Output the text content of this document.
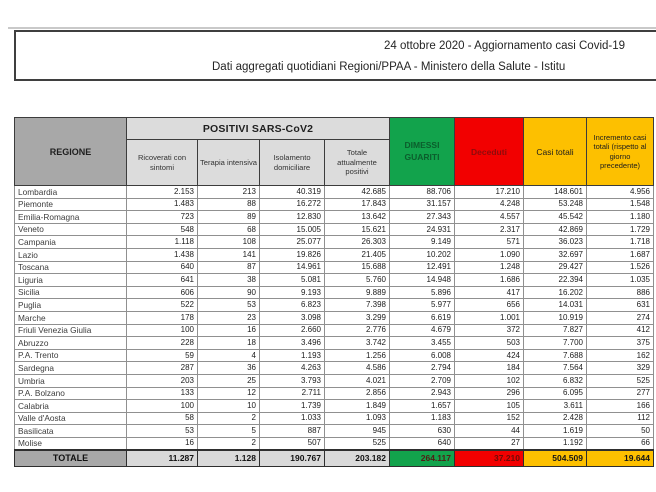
24 ottobre 2020 - Aggiornamento casi Covid-19
Dati aggregati quotidiani Regioni/PPAA - Ministero della Salute - Istitu
REGIONE	POSITIVI SARS-CoV2				DIMESSI GUARITI	Deceduti	Casi totali	Incremento casi totali (rispetto al giorno precedente)
	Ricoverati con sintomi	Terapia intensiva	Isolamento domiciliare	Totale attualmente positivi				
Lombardia	2.153	213	40.319	42.685	88.706	17.210	148.601	4.956
Piemonte	1.483	88	16.272	17.843	31.157	4.248	53.248	1.548
Emilia-Romagna	723	89	12.830	13.642	27.343	4.557	45.542	1.180
Veneto	548	68	15.005	15.621	24.931	2.317	42.869	1.729
Campania	1.118	108	25.077	26.303	9.149	571	36.023	1.718
Lazio	1.438	141	19.826	21.405	10.202	1.090	32.697	1.687
Toscana	640	87	14.961	15.688	12.491	1.248	29.427	1.526
Liguria	641	38	5.081	5.760	14.948	1.686	22.394	1.035
Sicilia	606	90	9.193	9.889	5.896	417	16.202	886
Puglia	522	53	6.823	7.398	5.977	656	14.031	631
Marche	178	23	3.098	3.299	6.619	1.001	10.919	274
Friuli Venezia Giulia	100	16	2.660	2.776	4.679	372	7.827	412
Abruzzo	228	18	3.496	3.742	3.455	503	7.700	375
P.A. Trento	59	4	1.193	1.256	6.008	424	7.688	162
Sardegna	287	36	4.263	4.586	2.794	184	7.564	329
Umbria	203	25	3.793	4.021	2.709	102	6.832	525
P.A. Bolzano	133	12	2.711	2.856	2.943	296	6.095	277
Calabria	100	10	1.739	1.849	1.657	105	3.611	166
Valle d'Aosta	58	2	1.033	1.093	1.183	152	2.428	112
Basilicata	53	5	887	945	630	44	1.619	50
Molise	16	2	507	525	640	27	1.192	66
TOTALE	11.287	1.128	190.767	203.182	264.117	37.210	504.509	19.644
